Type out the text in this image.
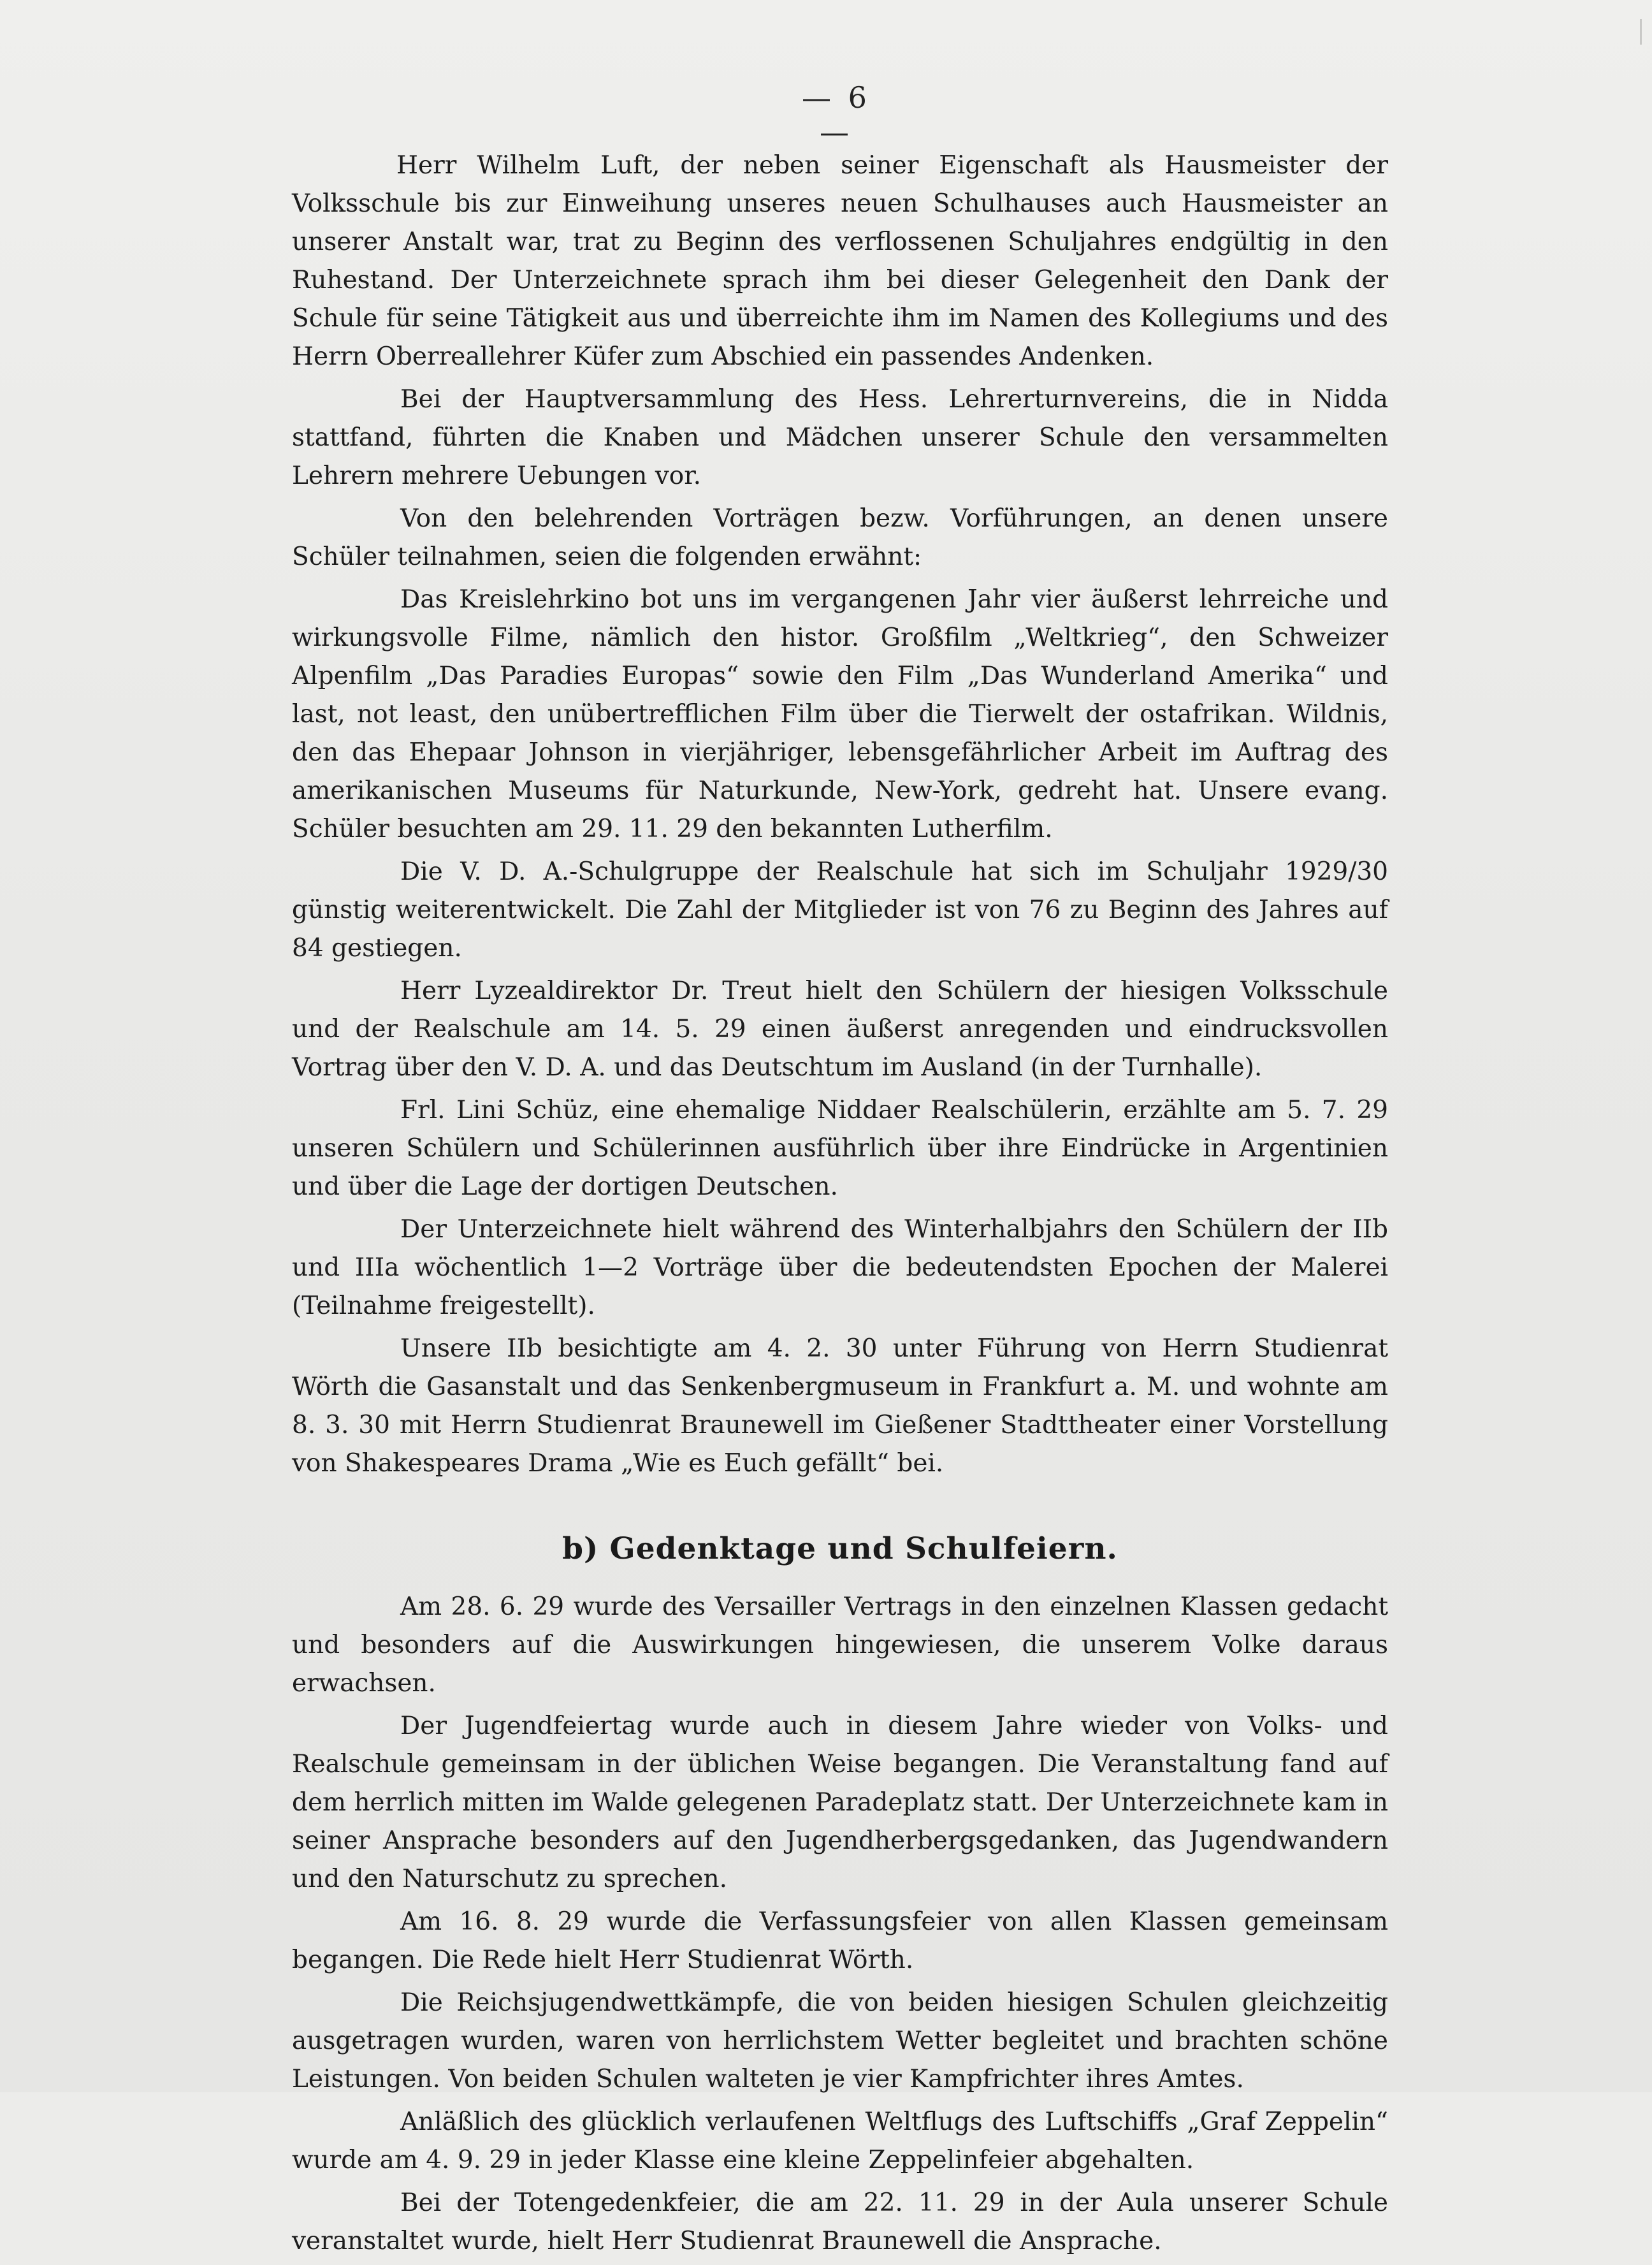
— 6 —

Herr Wilhelm Luft, der neben seiner Eigenschaft als Hausmeister der Volksschule bis zur Einweihung unseres neuen Schulhauses auch Hausmeister an unserer Anstalt war, trat zu Beginn des verflossenen Schuljahres endgültig in den Ruhestand. Der Unterzeichnete sprach ihm bei dieser Gelegenheit den Dank der Schule für seine Tätigkeit aus und überreichte ihm im Namen des Kollegiums und des Herrn Oberreallehrer Küfer zum Abschied ein passendes Andenken.

Bei der Hauptversammlung des Hess. Lehrerturnvereins, die in Nidda stattfand, führten die Knaben und Mädchen unserer Schule den versammelten Lehrern mehrere Uebungen vor.

Von den belehrenden Vorträgen bezw. Vorführungen, an denen unsere Schüler teilnahmen, seien die folgenden erwähnt:

Das Kreislehrkino bot uns im vergangenen Jahr vier äußerst lehrreiche und wirkungsvolle Filme, nämlich den histor. Großfilm „Weltkrieg“, den Schweizer Alpenfilm „Das Paradies Europas“ sowie den Film „Das Wunderland Amerika“ und last, not least, den unübertrefflichen Film über die Tierwelt der ostafrikan. Wildnis, den das Ehepaar Johnson in vierjähriger, lebensgefährlicher Arbeit im Auftrag des amerikanischen Museums für Naturkunde, New-York, gedreht hat. Unsere evang. Schüler besuchten am 29. 11. 29 den bekannten Lutherfilm.

Die V. D. A.-Schulgruppe der Realschule hat sich im Schuljahr 1929/30 günstig weiterentwickelt. Die Zahl der Mitglieder ist von 76 zu Beginn des Jahres auf 84 gestiegen.

Herr Lyzealdirektor Dr. Treut hielt den Schülern der hiesigen Volksschule und der Realschule am 14. 5. 29 einen äußerst anregenden und eindrucksvollen Vortrag über den V. D. A. und das Deutschtum im Ausland (in der Turnhalle).

Frl. Lini Schüz, eine ehemalige Niddaer Realschülerin, erzählte am 5. 7. 29 unseren Schülern und Schülerinnen ausführlich über ihre Eindrücke in Argentinien und über die Lage der dortigen Deutschen.

Der Unterzeichnete hielt während des Winterhalbjahrs den Schülern der IIb und IIIa wöchentlich 1—2 Vorträge über die bedeutendsten Epochen der Malerei (Teilnahme freigestellt).

Unsere IIb besichtigte am 4. 2. 30 unter Führung von Herrn Studienrat Wörth die Gasanstalt und das Senkenbergmuseum in Frankfurt a. M. und wohnte am 8. 3. 30 mit Herrn Studienrat Braunewell im Gießener Stadttheater einer Vorstellung von Shakespeares Drama „Wie es Euch gefällt“ bei.

b) Gedenktage und Schulfeiern.

Am 28. 6. 29 wurde des Versailler Vertrags in den einzelnen Klassen gedacht und besonders auf die Auswirkungen hingewiesen, die unserem Volke daraus erwachsen.

Der Jugendfeiertag wurde auch in diesem Jahre wieder von Volks- und Realschule gemeinsam in der üblichen Weise begangen. Die Veranstaltung fand auf dem herrlich mitten im Walde gelegenen Paradeplatz statt. Der Unterzeichnete kam in seiner Ansprache besonders auf den Jugendherbergsgedanken, das Jugendwandern und den Naturschutz zu sprechen.

Am 16. 8. 29 wurde die Verfassungsfeier von allen Klassen gemeinsam begangen. Die Rede hielt Herr Studienrat Wörth.

Die Reichsjugendwettkämpfe, die von beiden hiesigen Schulen gleichzeitig ausgetragen wurden, waren von herrlichstem Wetter begleitet und brachten schöne Leistungen. Von beiden Schulen walteten je vier Kampfrichter ihres Amtes.

Anläßlich des glücklich verlaufenen Weltflugs des Luftschiffs „Graf Zeppelin“ wurde am 4. 9. 29 in jeder Klasse eine kleine Zeppelinfeier abgehalten.

Bei der Totengedenkfeier, die am 22. 11. 29 in der Aula unserer Schule veranstaltet wurde, hielt Herr Studienrat Braunewell die Ansprache.
